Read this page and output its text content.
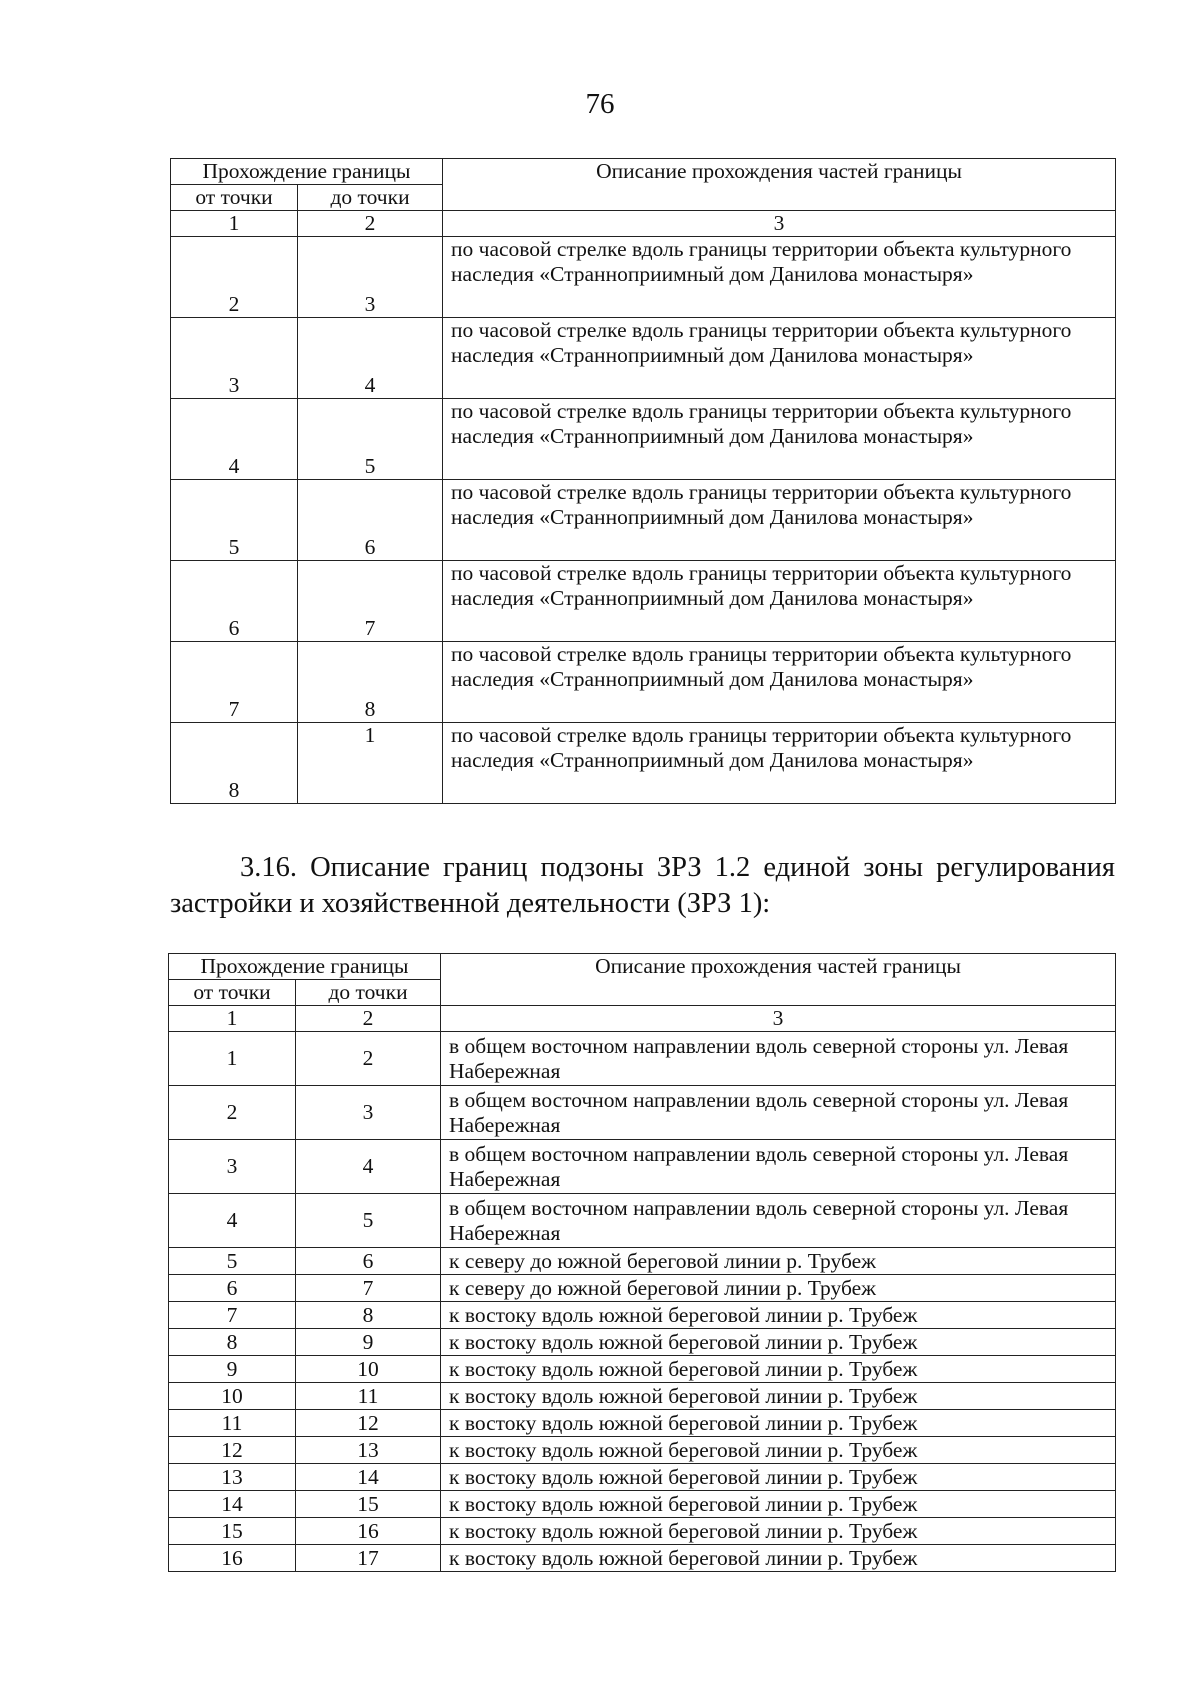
76
Прохождение границы		Описание прохождения частей границы
от точки	до точки	
1	2	3
2	3	по часовой стрелке вдоль границы территории объекта культурного наследия «Странноприимный дом Данилова монастыря»
3	4	по часовой стрелке вдоль границы территории объекта культурного наследия «Странноприимный дом Данилова монастыря»
4	5	по часовой стрелке вдоль границы территории объекта культурного наследия «Странноприимный дом Данилова монастыря»
5	6	по часовой стрелке вдоль границы территории объекта культурного наследия «Странноприимный дом Данилова монастыря»
6	7	по часовой стрелке вдоль границы территории объекта культурного наследия «Странноприимный дом Данилова монастыря»
7	8	по часовой стрелке вдоль границы территории объекта культурного наследия «Странноприимный дом Данилова монастыря»
8	1	по часовой стрелке вдоль границы территории объекта культурного наследия «Странноприимный дом Данилова монастыря»

3.16. Описание границ подзоны ЗРЗ 1.2 единой зоны регулирования застройки и хозяйственной деятельности (ЗРЗ 1):

Прохождение границы		Описание прохождения частей границы
от точки	до точки	
1	2	3
1	2	в общем восточном направлении вдоль северной стороны ул. Левая Набережная
2	3	в общем восточном направлении вдоль северной стороны ул. Левая Набережная
3	4	в общем восточном направлении вдоль северной стороны ул. Левая Набережная
4	5	в общем восточном направлении вдоль северной стороны ул. Левая Набережная
5	6	к северу до южной береговой линии р. Трубеж
6	7	к северу до южной береговой линии р. Трубеж
7	8	к востоку вдоль южной береговой линии р. Трубеж
8	9	к востоку вдоль южной береговой линии р. Трубеж
9	10	к востоку вдоль южной береговой линии р. Трубеж
10	11	к востоку вдоль южной береговой линии р. Трубеж
11	12	к востоку вдоль южной береговой линии р. Трубеж
12	13	к востоку вдоль южной береговой линии р. Трубеж
13	14	к востоку вдоль южной береговой линии р. Трубеж
14	15	к востоку вдоль южной береговой линии р. Трубеж
15	16	к востоку вдоль южной береговой линии р. Трубеж
16	17	к востоку вдоль южной береговой линии р. Трубеж
